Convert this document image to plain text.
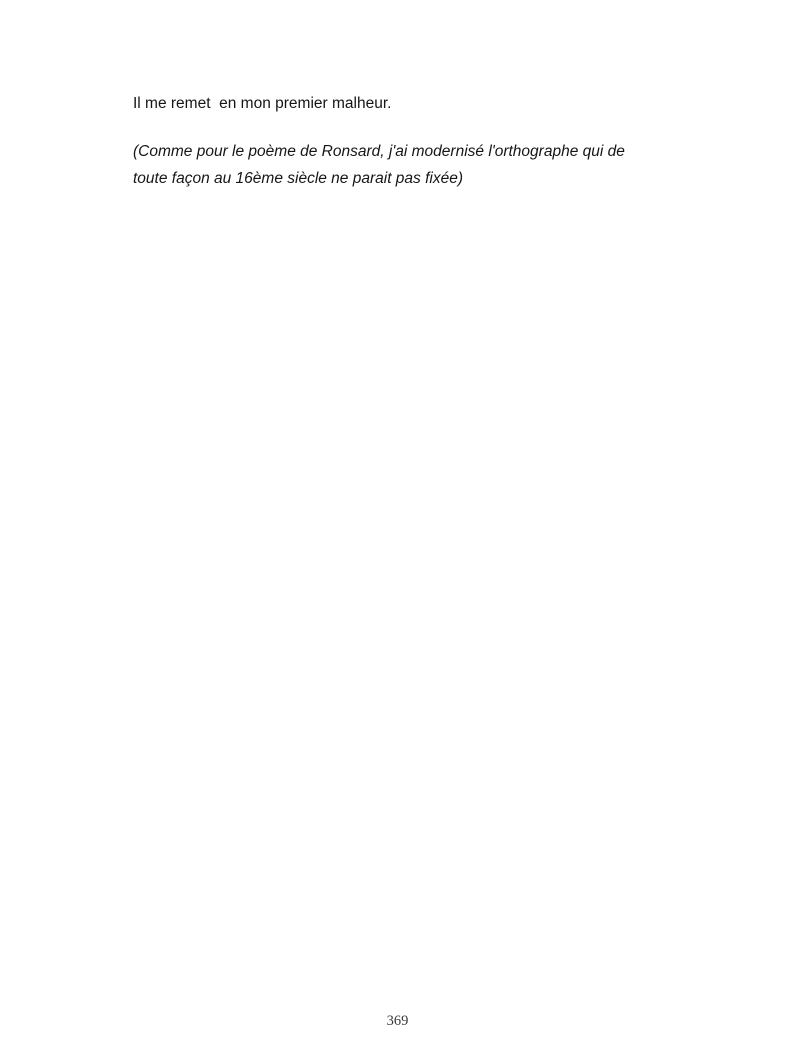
Il me remet  en mon premier malheur.
(Comme pour le poème de Ronsard, j'ai modernisé l'orthographe qui de
toute façon au 16ème siècle ne parait pas fixée)
369
